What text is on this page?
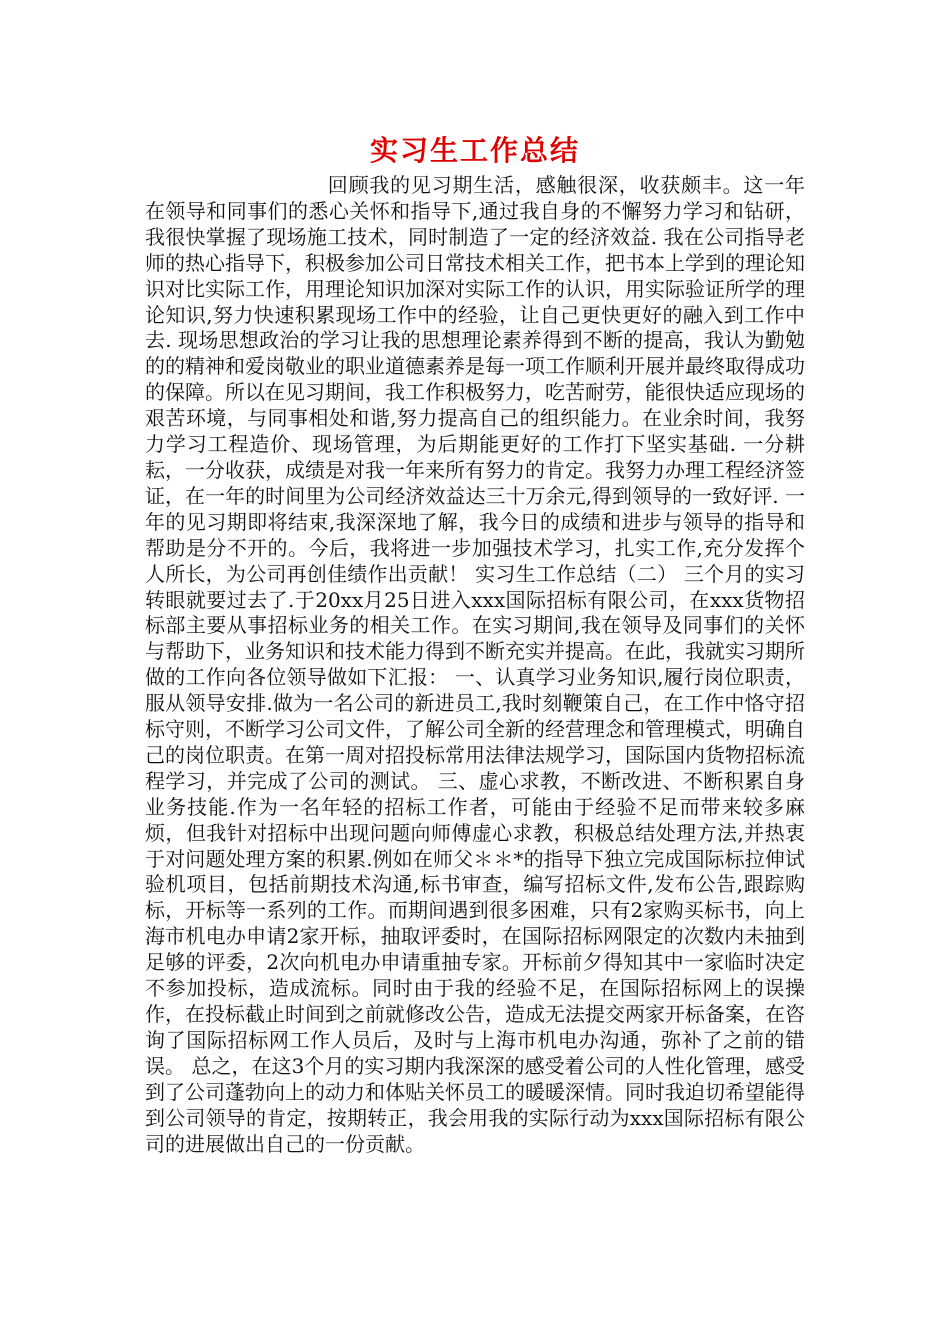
实习生工作总结
回顾我的见习期生活，感触很深，收获颇丰。这一年在领导和同事们的悉心关怀和指导下,通过我自身的不懈努力学习和钻研，我很快掌握了现场施工技术，同时制造了一定的经济效益. 我在公司指导老师的热心指导下，积极参加公司日常技术相关工作，把书本上学到的理论知识对比实际工作，用理论知识加深对实际工作的认识，用实际验证所学的理论知识,努力快速积累现场工作中的经验，让自己更快更好的融入到工作中去. 现场思想政治的学习让我的思想理论素养得到不断的提高，我认为勤勉的的精神和爱岗敬业的职业道德素养是每一项工作顺利开展并最终取得成功的保障。所以在见习期间，我工作积极努力，吃苦耐劳，能很快适应现场的艰苦环境，与同事相处和谐,努力提高自己的组织能力。在业余时间，我努力学习工程造价、现场管理，为后期能更好的工作打下坚实基础. 一分耕耘，一分收获，成绩是对我一年来所有努力的肯定。我努力办理工程经济签证，在一年的时间里为公司经济效益达三十万余元,得到领导的一致好评. 一年的见习期即将结束,我深深地了解，我今日的成绩和进步与领导的指导和帮助是分不开的。今后，我将进一步加强技术学习，扎实工作,充分发挥个人所长，为公司再创佳绩作出贡献！ 实习生工作总结（二） 三个月的实习转眼就要过去了.于20xx月25日进入xxx国际招标有限公司，在xxx货物招标部主要从事招标业务的相关工作。在实习期间,我在领导及同事们的关怀与帮助下，业务知识和技术能力得到不断充实并提高。在此，我就实习期所做的工作向各位领导做如下汇报： 一、认真学习业务知识,履行岗位职责，服从领导安排.做为一名公司的新进员工,我时刻鞭策自己，在工作中恪守招标守则，不断学习公司文件，了解公司全新的经营理念和管理模式，明确自己的岗位职责。在第一周对招投标常用法律法规学习，国际国内货物招标流程学习，并完成了公司的测试。 三、虚心求教，不断改进、不断积累自身业务技能.作为一名年轻的招标工作者，可能由于经验不足而带来较多麻烦，但我针对招标中出现问题向师傅虚心求教，积极总结处理方法,并热衷于对问题处理方案的积累.例如在师父＊＊*的指导下独立完成国际标拉伸试验机项目，包括前期技术沟通,标书审查，编写招标文件,发布公告,跟踪购标，开标等一系列的工作。而期间遇到很多困难，只有2家购买标书，向上海市机电办申请2家开标，抽取评委时，在国际招标网限定的次数内未抽到足够的评委，2次向机电办申请重抽专家。开标前夕得知其中一家临时决定不参加投标，造成流标。同时由于我的经验不足，在国际招标网上的误操作，在投标截止时间到之前就修改公告，造成无法提交两家开标备案，在咨询了国际招标网工作人员后，及时与上海市机电办沟通，弥补了之前的错误。 总之，在这3个月的实习期内我深深的感受着公司的人性化管理，感受到了公司蓬勃向上的动力和体贴关怀员工的暖暖深情。同时我迫切希望能得到公司领导的肯定，按期转正，我会用我的实际行动为xxx国际招标有限公司的进展做出自己的一份贡献。
